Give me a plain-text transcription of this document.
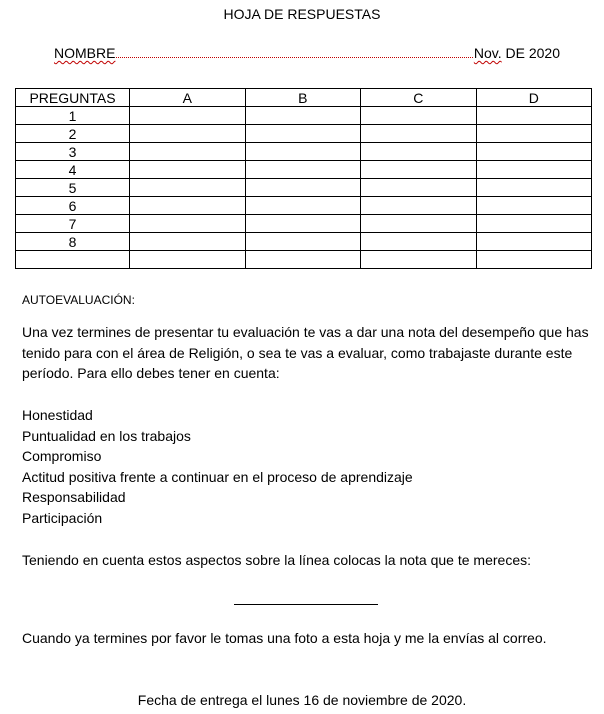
HOJA DE RESPUESTAS
NOMBRE	Nov. DE 2020
PREGUNTAS	A	B	C	D
1				
2				
3				
4				
5				
6				
7				
8				

AUTOEVALUACIÓN:
Una vez termines de presentar tu evaluación te vas a dar una nota del desempeño que has tenido para con el área de Religión, o sea te vas a evaluar, como trabajaste durante este período. Para ello debes tener en cuenta:
Honestidad
Puntualidad en los trabajos
Compromiso
Actitud positiva frente a continuar en el proceso de aprendizaje
Responsabilidad
Participación
Teniendo en cuenta estos aspectos sobre la línea colocas la nota que te mereces:
Cuando ya termines por favor le tomas una foto a esta hoja y me la envías al correo.
Fecha de entrega el lunes 16 de noviembre de 2020.
